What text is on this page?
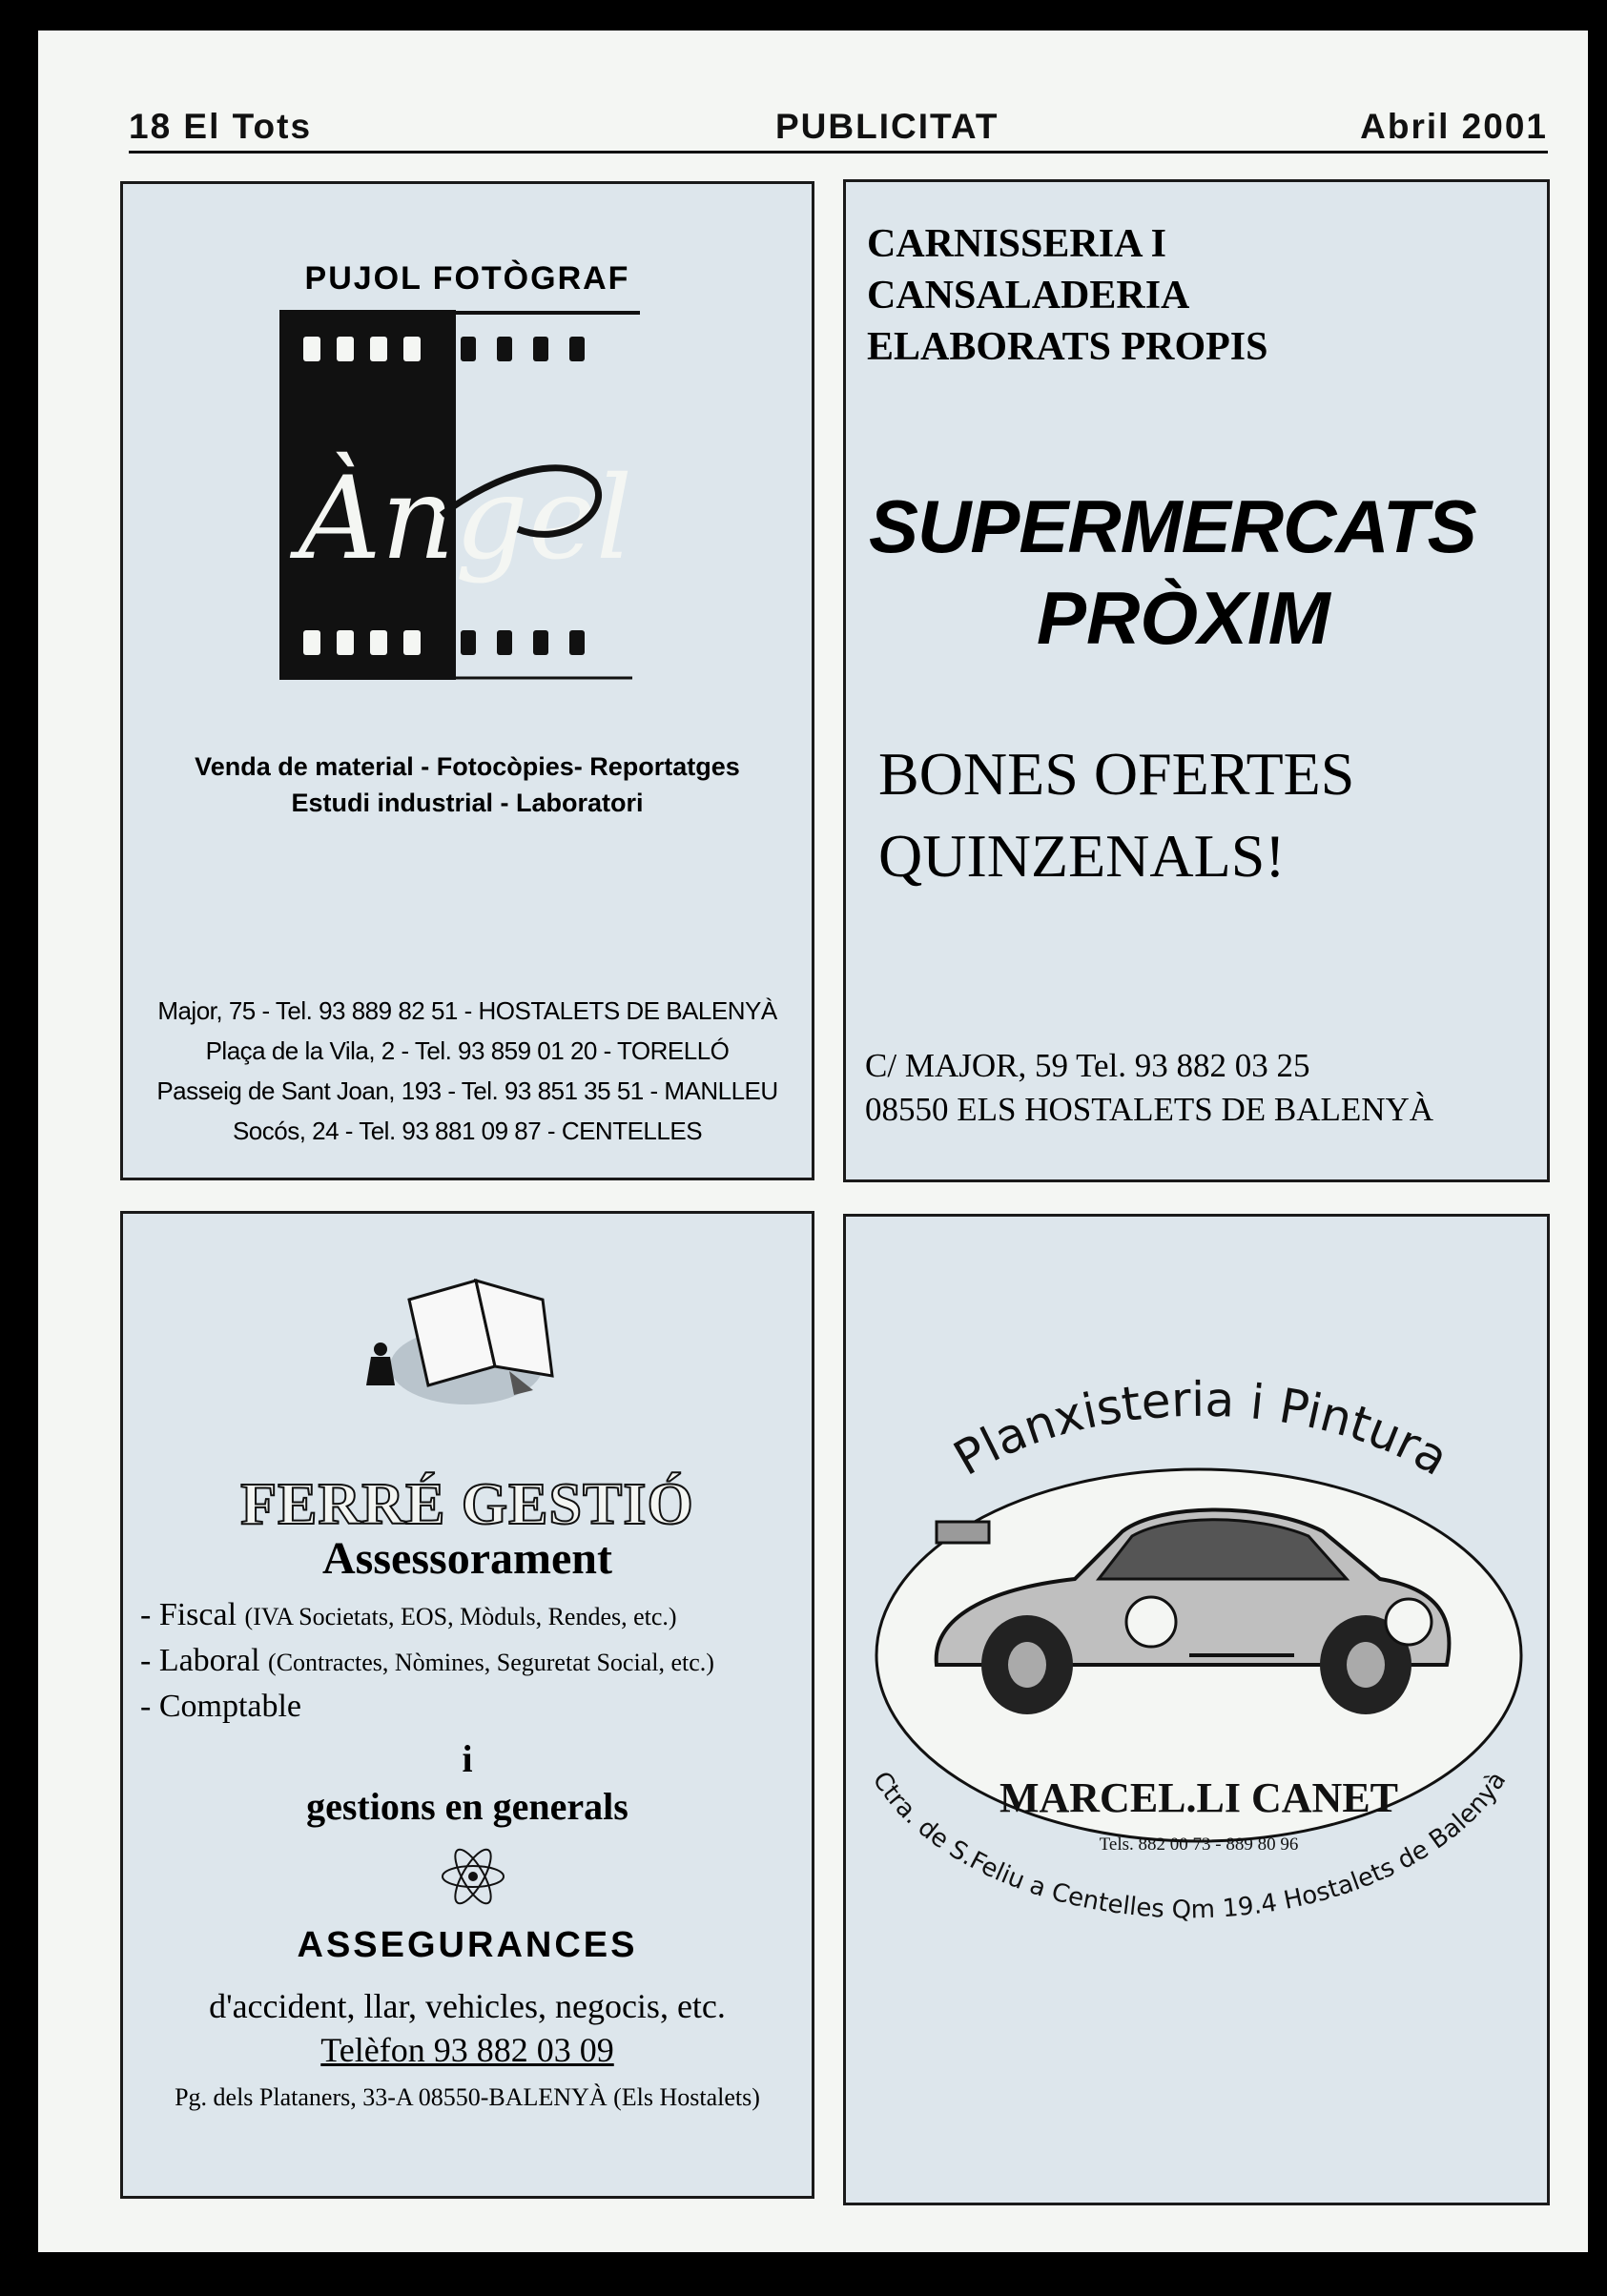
18 El Tots	PUBLICITAT	Abril 2001
PUJOL FOTÒGRAF
Àngel
Venda de material - Fotocòpies- Reportatges
Estudi industrial - Laboratori
Major, 75 - Tel. 93 889 82 51 - HOSTALETS DE BALENYÀ
Plaça de la Vila, 2 - Tel. 93 859 01 20 - TORELLÓ
Passeig de Sant Joan, 193 - Tel. 93 851 35 51 - MANLLEU
Socós, 24 - Tel. 93 881 09 87 - CENTELLES
CARNISSERIA I
CANSALADERIA
ELABORATS PROPIS
SUPERMERCATS
PRÒXIM
BONES OFERTES
QUINZENALS!
C/ MAJOR, 59 Tel. 93 882 03 25
08550 ELS HOSTALETS DE BALENYÀ
FERRÉ GESTIÓ
Assessorament
- Fiscal (IVA Societats, EOS, Mòduls, Rendes, etc.)
- Laboral (Contractes, Nòmines, Seguretat Social, etc.)
- Comptable
i
gestions en generals
ASSEGURANCES
d'accident, llar, vehicles, negocis, etc.
Telèfon 93 882 03 09
Pg. dels Plataners, 33-A 08550-BALENYÀ (Els Hostalets)
Planxisteria i Pintura
Ctra. de S.Feliu a Centelles Qm 19.4 Hostalets de Balenyà
MARCEL.LI CANET
Tels. 882 00 73 - 889 80 96
